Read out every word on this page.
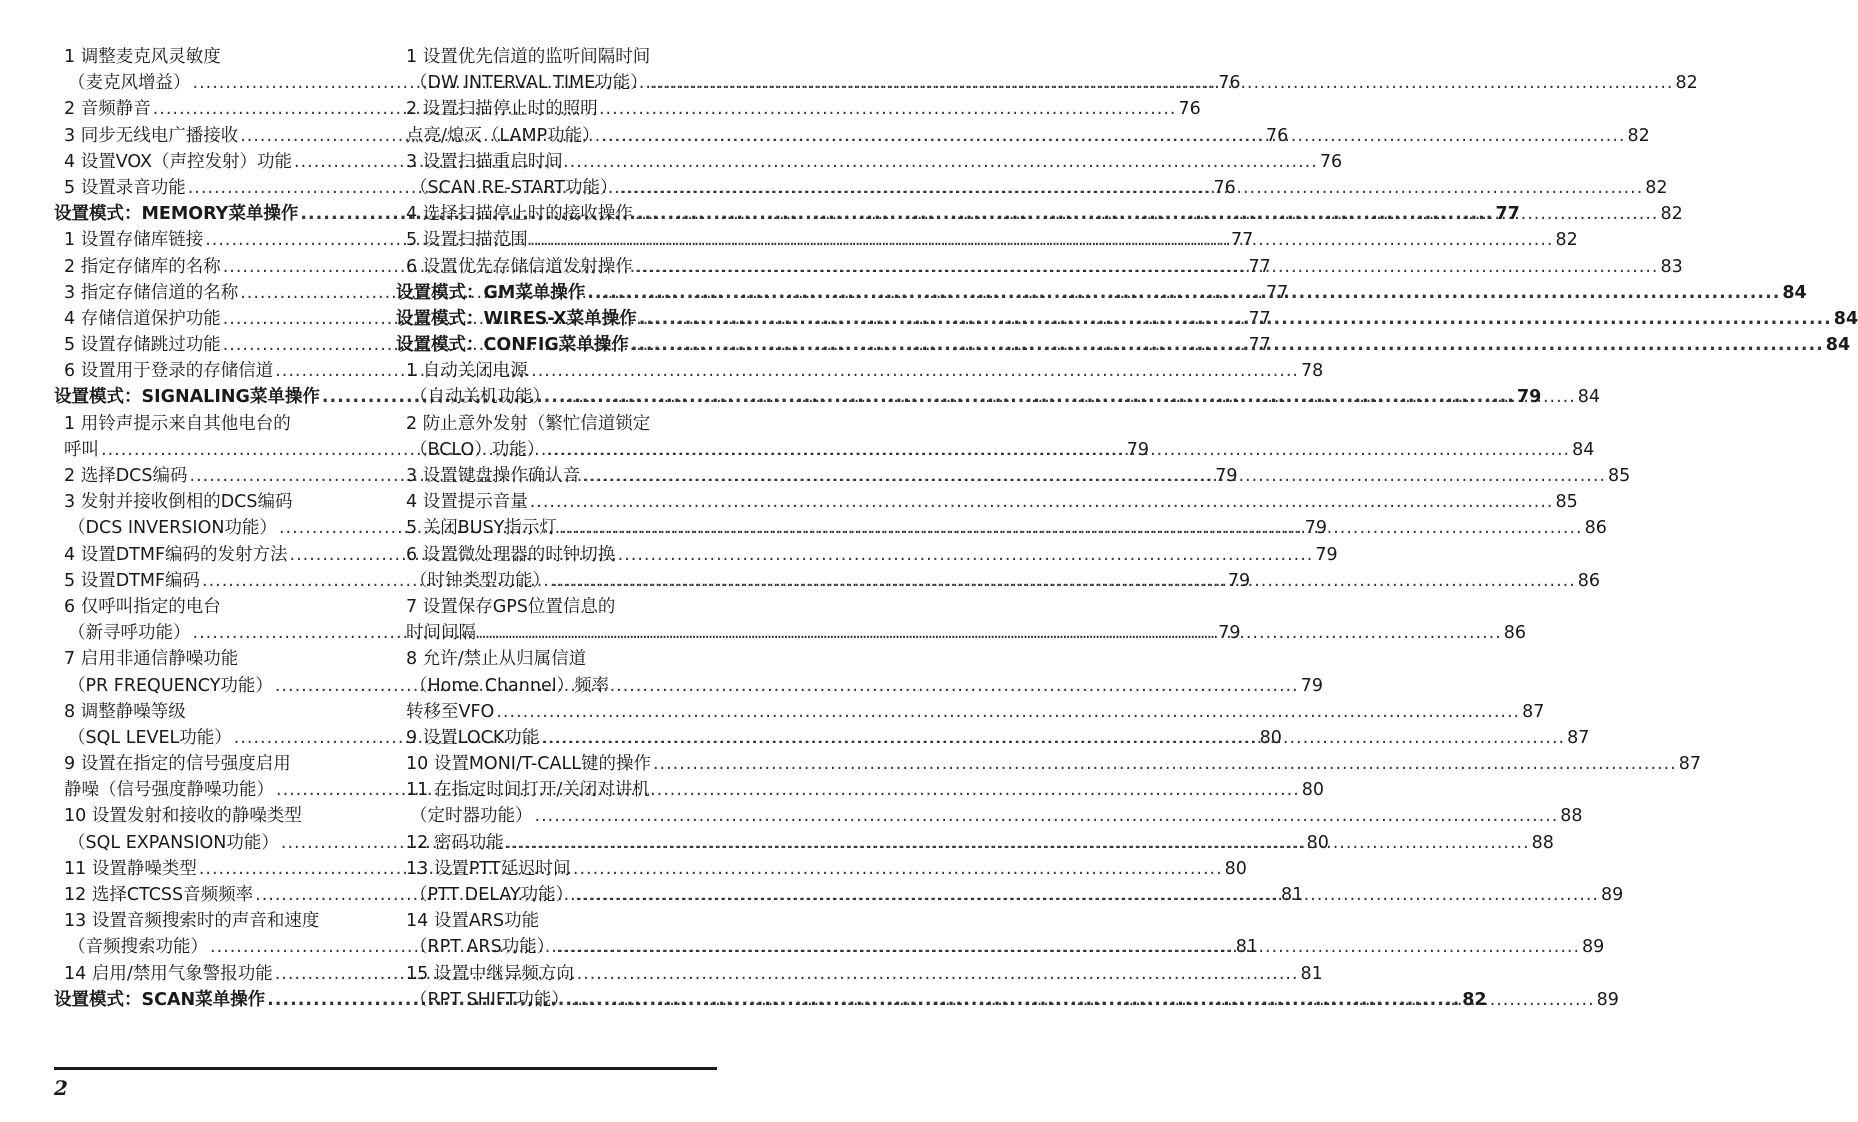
1 调整麦克风灵敏度
（麦克风增益） .....	76
2 音频静音 .....	76
3 同步无线电广播接收 .....	76
4 设置VOX（声控发射）功能 .....	76
5 设置录音功能 .....	76
设置模式：MEMORY菜单操作 .....	77
1 设置存储库链接 .....	77
2 指定存储库的名称 .....	77
3 指定存储信道的名称 .....	77
4 存储信道保护功能 .....	77
5 设置存储跳过功能 .....	77
6 设置用于登录的存储信道 .....	78
设置模式：SIGNALING菜单操作 .....	79
1 用铃声提示来自其他电台的
呼叫 .....	79
2 选择DCS编码 .....	79
3 发射并接收倒相的DCS编码
（DCS INVERSION功能） .....	79
4 设置DTMF编码的发射方法 .....	79
5 设置DTMF编码 .....	79
6 仅呼叫指定的电台
（新寻呼功能） .....	79
7 启用非通信静噪功能
（PR FREQUENCY功能） .....	79
8 调整静噪等级
（SQL LEVEL功能） .....	80
9 设置在指定的信号强度启用
静噪（信号强度静噪功能） .....	80
10 设置发射和接收的静噪类型
（SQL EXPANSION功能） .....	80
11 设置静噪类型 .....	80
12 选择CTCSS音频频率 .....	81
13 设置音频搜索时的声音和速度
（音频搜索功能） .....	81
14 启用/禁用气象警报功能 .....	81
设置模式：SCAN菜单操作 .....	82
1 设置优先信道的监听间隔时间
（DW INTERVAL TIME功能） .....	82
2 设置扫描停止时的照明
点亮/熄灭（LAMP功能） .....	82
3 设置扫描重启时间
（SCAN RE-START功能） .....	82
4 选择扫描停止时的接收操作 .....	82
5 设置扫描范围 .....	82
6 设置优先存储信道发射操作 .....	83
设置模式：GM菜单操作 .....	84
设置模式：WIRES-X菜单操作 .....	84
设置模式：CONFIG菜单操作 .....	84
1 自动关闭电源
（自动关机功能） .....	84
2 防止意外发射（繁忙信道锁定
（BCLO）功能） .....	84
3 设置键盘操作确认音 .....	85
4 设置提示音量 .....	85
5 关闭BUSY指示灯 .....	86
6 设置微处理器的时钟切换
（时钟类型功能） .....	86
7 设置保存GPS位置信息的
时间间隔 .....	86
8 允许/禁止从归属信道
（Home Channel）频率
转移至VFO .....	87
9 设置LOCK功能 .....	87
10 设置MONI/T-CALL键的操作 .....	87
11 在指定时间打开/关闭对讲机
（定时器功能） .....	88
12 密码功能 .....	88
13 设置PTT延迟时间
（PTT DELAY功能） .....	89
14 设置ARS功能
（RPT ARS功能） .....	89
15 设置中继异频方向
（RPT SHIFT功能） .....	89
2
